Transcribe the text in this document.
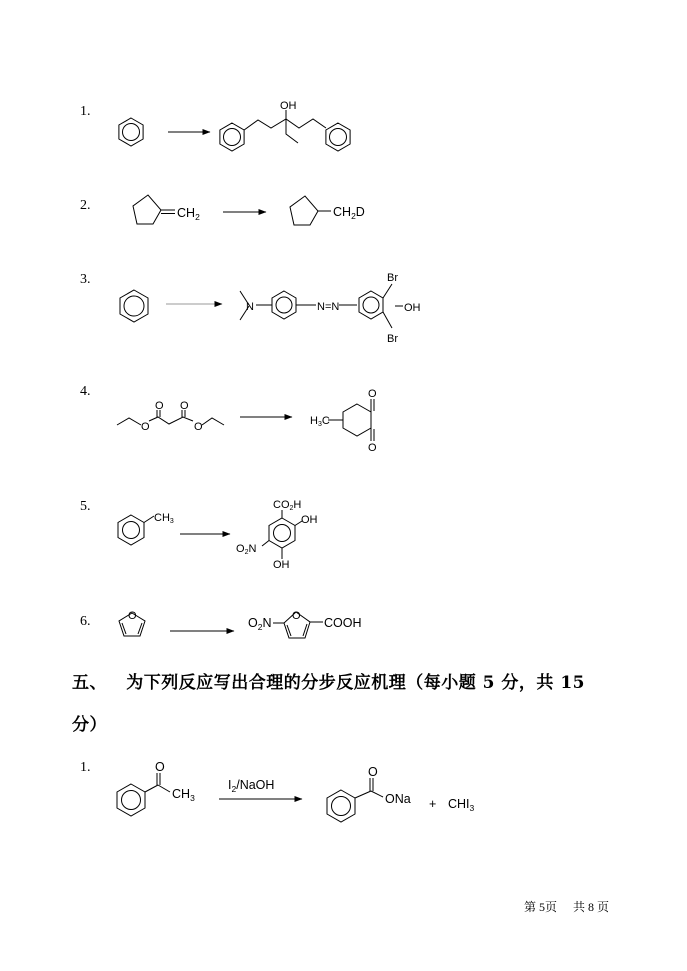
1.
2.
3.
4.
5.
6.
五、   为下列反应写出合理的分步反应机理（每小题 5 分，共 15
分）
1.
第 5页 共 8 页
OH
$CH_2$	$CH_2D$
N	N=N
Br
OH
Br
O
O O
O	H3C
O
O
CH3
CO2H
OH
O2N
OH
O	$O_2N$ O COOH
O
$CH_3$
$I_2$/NaOH
O
ONa + $CHI_3$
